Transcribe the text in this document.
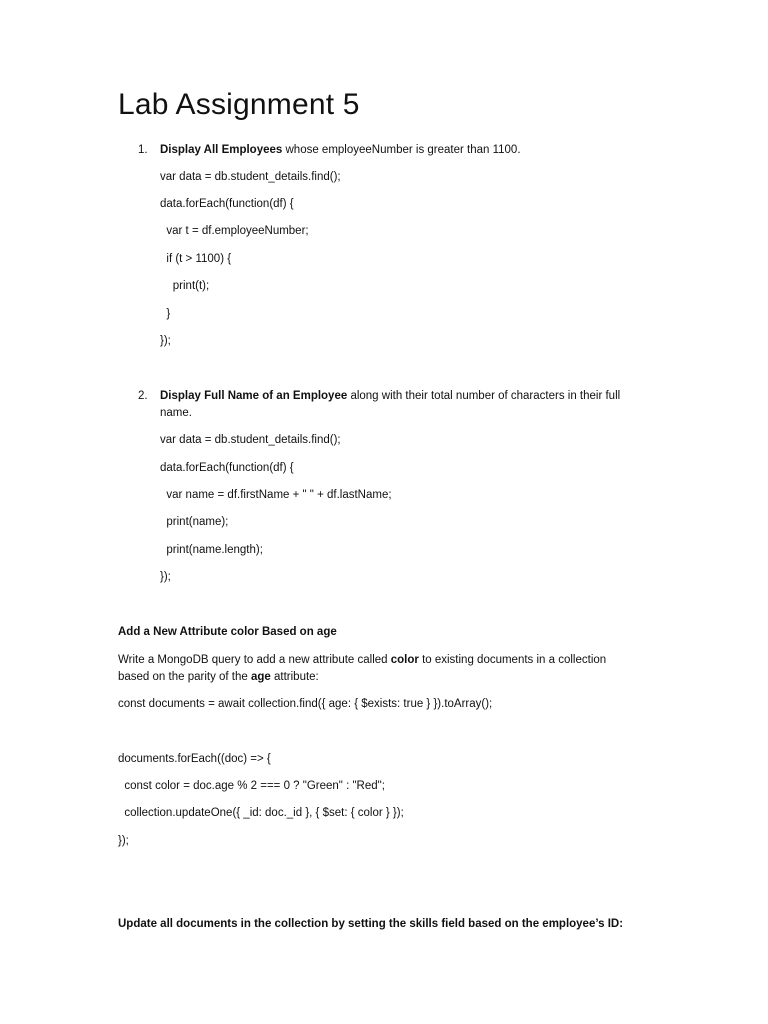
Lab Assignment 5
1. Display All Employees whose employeeNumber is greater than 1100.
var data = db.student_details.find();
data.forEach(function(df) {
var t = df.employeeNumber;
if (t > 1100) {
print(t);
}
});
2. Display Full Name of an Employee along with their total number of characters in their full
name.
var data = db.student_details.find();
data.forEach(function(df) {
var name = df.firstName + " " + df.lastName;
print(name);
print(name.length);
});
Add a New Attribute color Based on age
Write a MongoDB query to add a new attribute called color to existing documents in a collection
based on the parity of the age attribute:
const documents = await collection.find({ age: { $exists: true } }).toArray();
documents.forEach((doc) => {
const color = doc.age % 2 === 0 ? "Green" : "Red";
collection.updateOne({ _id: doc._id }, { $set: { color } });
});
Update all documents in the collection by setting the skills field based on the employee’s ID:
